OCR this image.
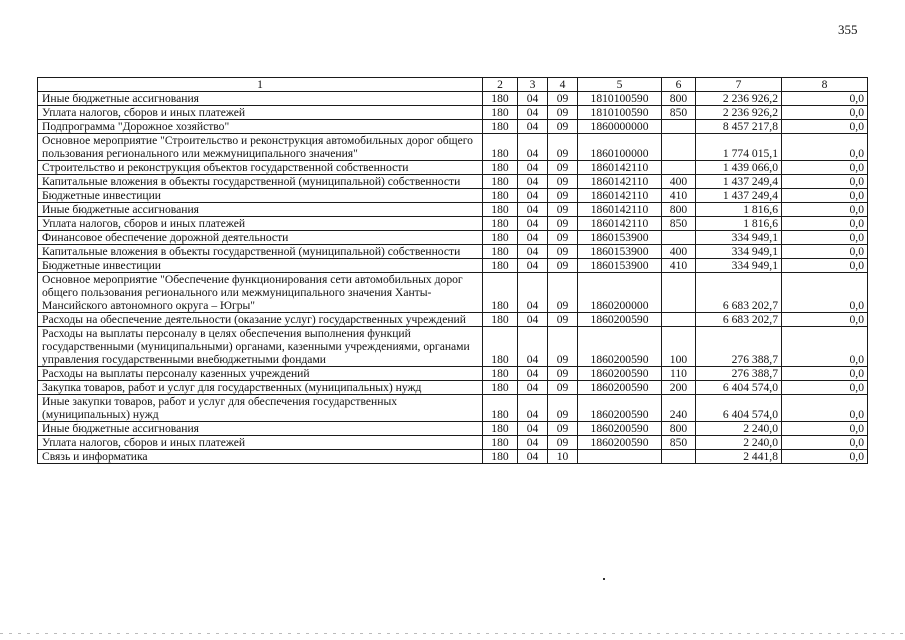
355
1	2	3	4	5	6	7	8
Иные бюджетные ассигнования	180	04	09	1810100590	800	2 236 926,2	0,0
Уплата налогов, сборов и иных платежей	180	04	09	1810100590	850	2 236 926,2	0,0
Подпрограмма "Дорожное хозяйство"	180	04	09	1860000000		8 457 217,8	0,0
Основное мероприятие "Строительство и реконструкция автомобильных дорог общего пользования регионального или межмуниципального значения"	180	04	09	1860100000		1 774 015,1	0,0
Строительство и реконструкция объектов государственной собственности	180	04	09	1860142110		1 439 066,0	0,0
Капитальные вложения в объекты государственной (муниципальной) собственности	180	04	09	1860142110	400	1 437 249,4	0,0
Бюджетные инвестиции	180	04	09	1860142110	410	1 437 249,4	0,0
Иные бюджетные ассигнования	180	04	09	1860142110	800	1 816,6	0,0
Уплата налогов, сборов и иных платежей	180	04	09	1860142110	850	1 816,6	0,0
Финансовое обеспечение дорожной деятельности	180	04	09	1860153900		334 949,1	0,0
Капитальные вложения в объекты государственной (муниципальной) собственности	180	04	09	1860153900	400	334 949,1	0,0
Бюджетные инвестиции	180	04	09	1860153900	410	334 949,1	0,0
Основное мероприятие "Обеспечение функционирования сети автомобильных дорог общего пользования регионального или межмуниципального значения Ханты-Мансийского автономного округа – Югры"	180	04	09	1860200000		6 683 202,7	0,0
Расходы на обеспечение деятельности (оказание услуг) государственных учреждений	180	04	09	1860200590		6 683 202,7	0,0
Расходы на выплаты персоналу в целях обеспечения выполнения функций государственными (муниципальными) органами, казенными учреждениями, органами управления государственными внебюджетными фондами	180	04	09	1860200590	100	276 388,7	0,0
Расходы на выплаты персоналу казенных учреждений	180	04	09	1860200590	110	276 388,7	0,0
Закупка товаров, работ и услуг для государственных (муниципальных) нужд	180	04	09	1860200590	200	6 404 574,0	0,0
Иные закупки товаров, работ и услуг для обеспечения государственных (муниципальных) нужд	180	04	09	1860200590	240	6 404 574,0	0,0
Иные бюджетные ассигнования	180	04	09	1860200590	800	2 240,0	0,0
Уплата налогов, сборов и иных платежей	180	04	09	1860200590	850	2 240,0	0,0
Связь и информатика	180	04	10			2 441,8	0,0
